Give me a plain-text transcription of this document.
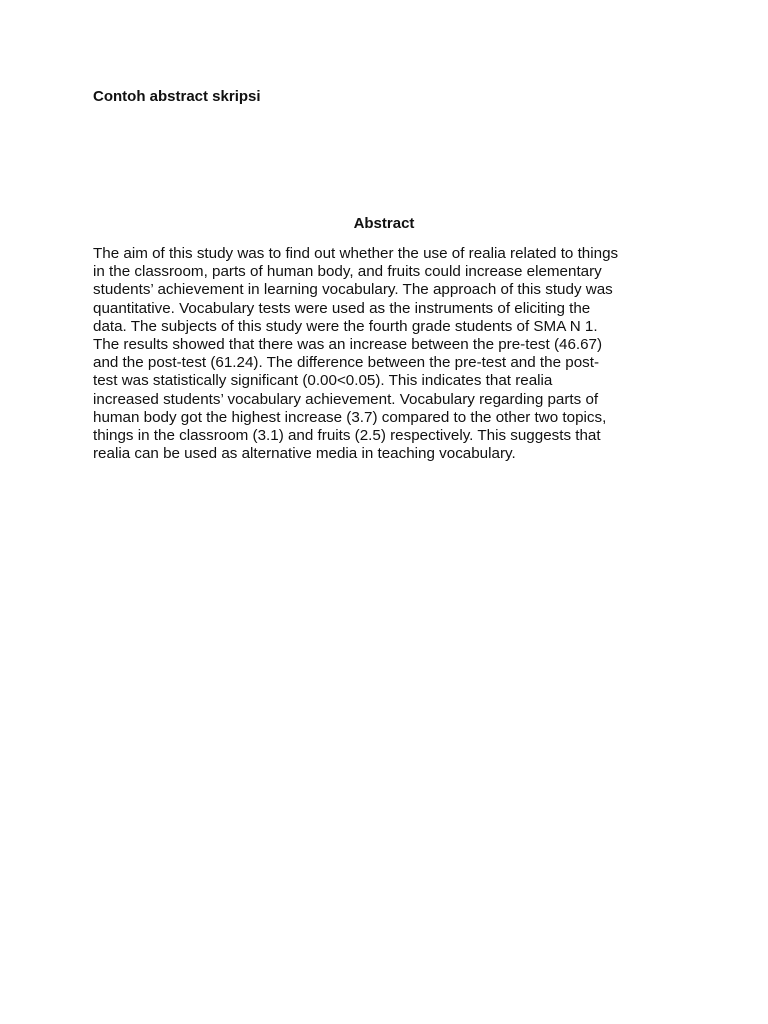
Contoh abstract skripsi
Abstract
The aim of this study was to find out whether the use of realia related to things
in the classroom, parts of human body, and fruits could increase elementary
students’ achievement in learning vocabulary. The approach of this study was
quantitative. Vocabulary tests were used as the instruments of eliciting the
data. The subjects of this study were the fourth grade students of SMA N 1.
The results showed that there was an increase between the pre-test (46.67)
and the post-test (61.24). The difference between the pre-test and the post-
test was statistically significant (0.00<0.05). This indicates that realia
increased students’ vocabulary achievement. Vocabulary regarding parts of
human body got the highest increase (3.7) compared to the other two topics,
things in the classroom (3.1) and fruits (2.5) respectively. This suggests that
realia can be used as alternative media in teaching vocabulary.
